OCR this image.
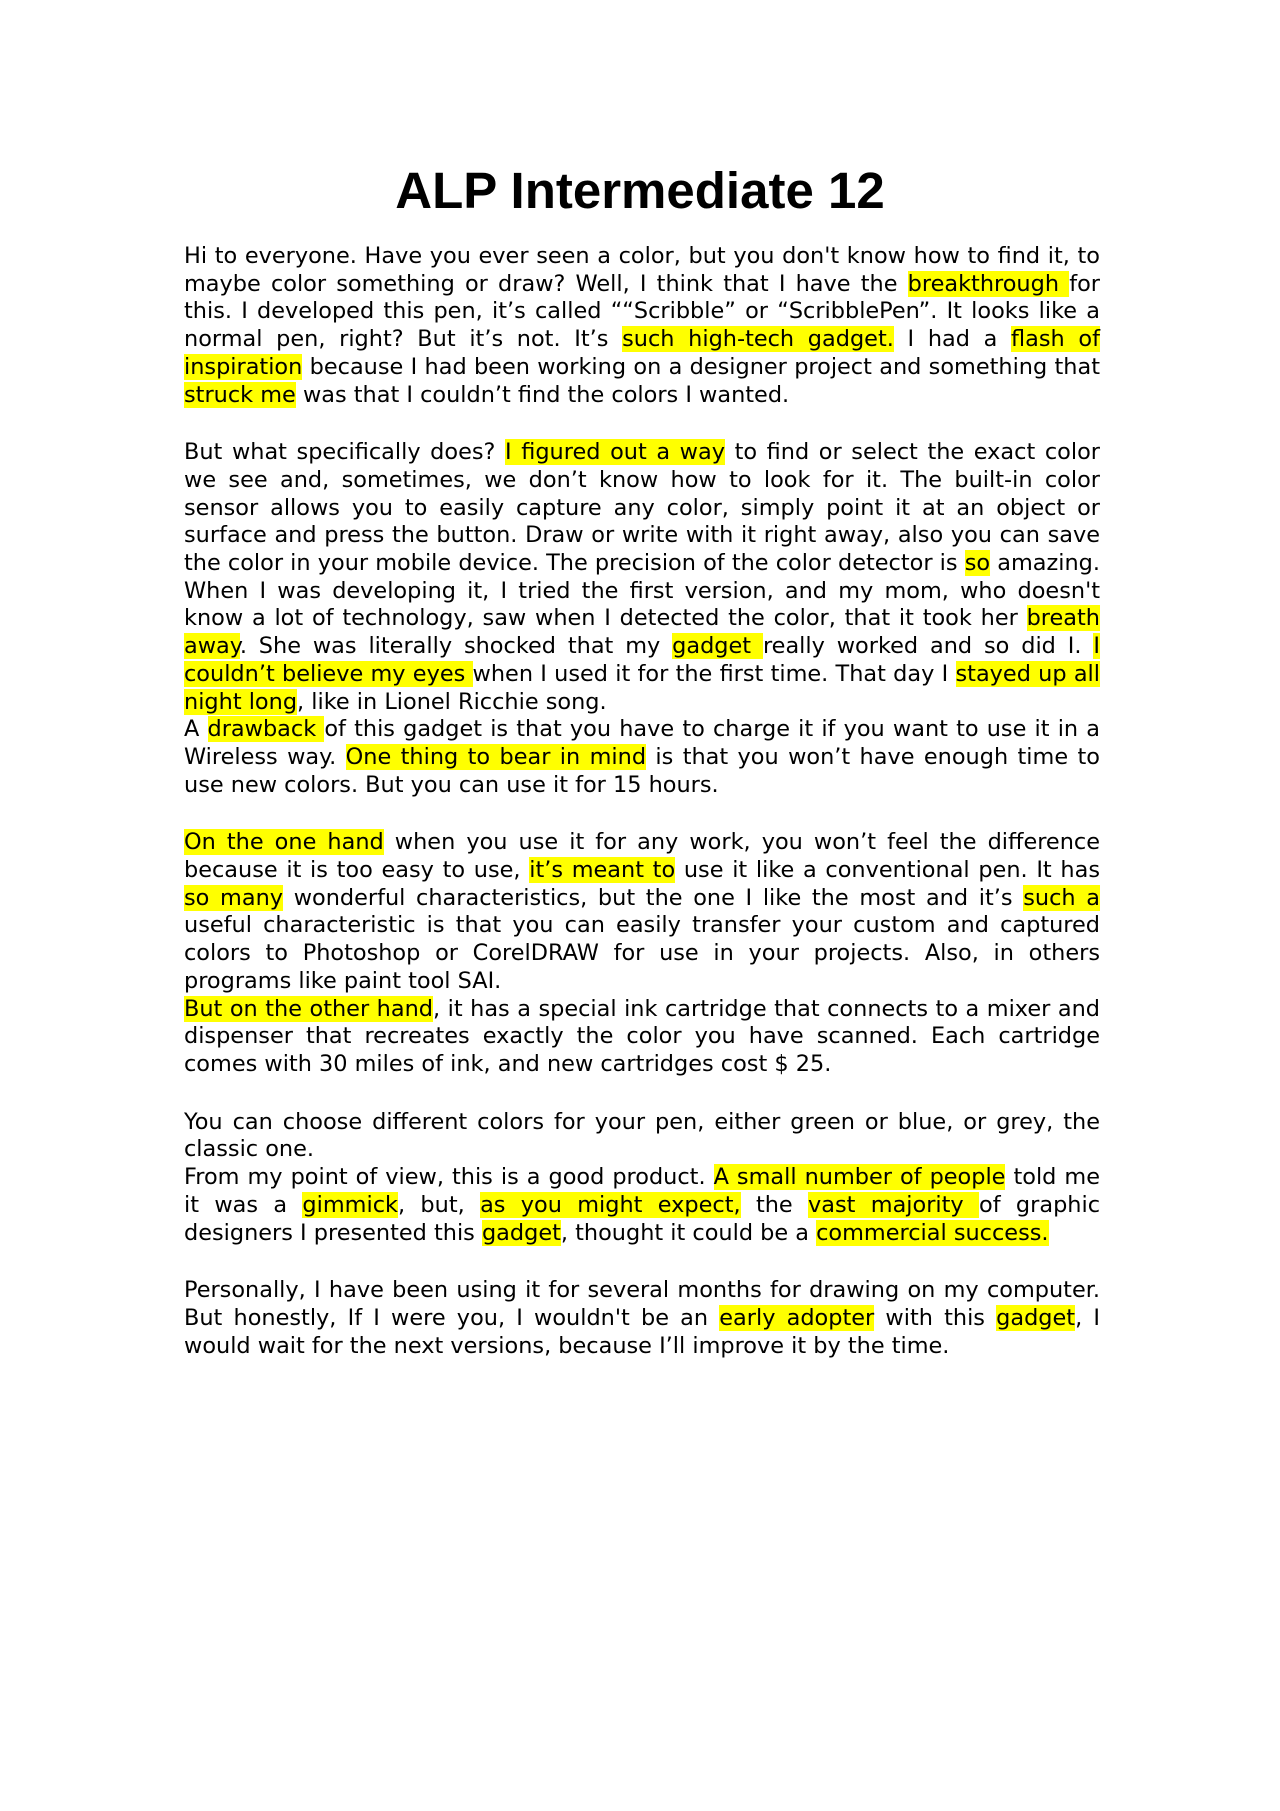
ALP Intermediate 12

Hi to everyone. Have you ever seen a color, but you don't know how to find it, to maybe color something or draw? Well, I think that I have the breakthrough for this. I developed this pen, it’s called ““Scribble” or “ScribblePen”. It looks like a normal pen, right? But it’s not. It’s such high-tech gadget. I had a flash of inspiration because I had been working on a designer project and something that struck me was that I couldn’t find the colors I wanted.

But what specifically does? I figured out a way to find or select the exact color we see and, sometimes, we don’t know how to look for it. The built-in color sensor allows you to easily capture any color, simply point it at an object or surface and press the button. Draw or write with it right away, also you can save the color in your mobile device. The precision of the color detector is so amazing. When I was developing it, I tried the first version, and my mom, who doesn't know a lot of technology, saw when I detected the color, that it took her breath away. She was literally shocked that my gadget really worked and so did I. I couldn’t believe my eyes when I used it for the first time. That day I stayed up all night long, like in Lionel Ricchie song.

A drawback of this gadget is that you have to charge it if you want to use it in a Wireless way. One thing to bear in mind is that you won’t have enough time to use new colors. But you can use it for 15 hours.

On the one hand when you use it for any work, you won’t feel the difference because it is too easy to use, it’s meant to use it like a conventional pen. It has so many wonderful characteristics, but the one I like the most and it’s such a useful characteristic is that you can easily transfer your custom and captured colors to Photoshop or CorelDRAW for use in your projects. Also, in others programs like paint tool SAI.

But on the other hand, it has a special ink cartridge that connects to a mixer and dispenser that recreates exactly the color you have scanned. Each cartridge comes with 30 miles of ink, and new cartridges cost $ 25.

You can choose different colors for your pen, either green or blue, or grey, the classic one.

From my point of view, this is a good product. A small number of people told me it was a gimmick, but, as you might expect, the vast majority of graphic designers I presented this gadget, thought it could be a commercial success.

Personally, I have been using it for several months for drawing on my computer. But honestly, If I were you, I wouldn't be an early adopter with this gadget, I would wait for the next versions, because I’ll improve it by the time.
